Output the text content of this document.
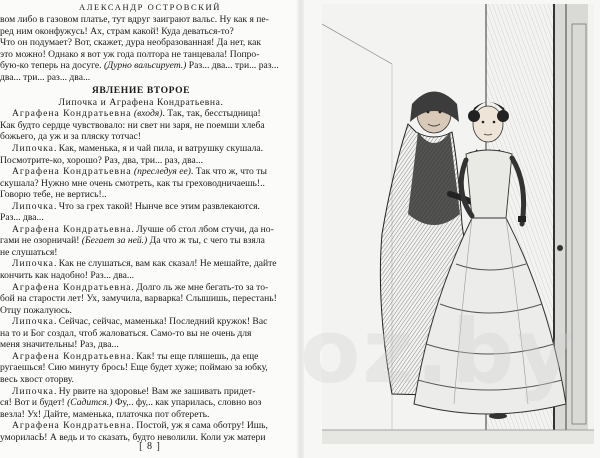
АЛЕКСАНДР ОСТРОВСКИЙ
вом либо в газовом платье, тут вдруг заиграют вальс. Ну как я пе-
ред ним оконфужусь! Ах, страм какой! Куда деваться-то?
Что он подумает? Вот, скажет, дура необразованная! Да нет, как
это можно! Однако я вот уж года полтора не танцевала! Попро-
бую-ко теперь на досуге. (Дурно вальсирует.) Раз... два... три... раз...
два... три... раз... два...
ЯВЛЕНИЕ ВТОРОЕ
Липочка и Аграфена Кондратьевна.
Аграфена Кондратьевна (входя). Так, так, бесстыдница!
Как будто сердце чувствовало: ни свет ни заря, не поемши хлеба
божьего, да уж и за пляску тотчас!
Липочка. Как, маменька, я и чай пила, и ватрушку скушала.
Посмотрите-ко, хорошо? Раз, два, три... раз, два...
Аграфена Кондратьевна (преследуя ее). Так что ж, что ты
скушала? Нужно мне очень смотреть, как ты греховодничаешь!..
Говорю тебе, не вертись!..
Липочка. Что за грех такой! Нынче все этим развлекаются.
Раз... два...
Аграфена Кондратьевна. Лучше об стол лбом стучи, да но-
гами не озорничай! (Бегает за ней.) Да что ж ты, с чего ты взяла
не слушаться!
Липочка. Как не слушаться, вам как сказал! Не мешайте, дайте
кончить как надобно! Раз... два...
Аграфена Кондратьевна. Долго ль же мне бегать-то за то-
бой на старости лет! Ух, замучила, варварка! Слышишь, перестань!
Отцу пожалуюсь.
Липочка. Сейчас, сейчас, маменька! Последний кружок! Вас
на то и Бог создал, чтоб жаловаться. Само-то вы не очень для
меня значительны! Раз, два...
Аграфена Кондратьевна. Как! ты еще пляшешь, да еще
ругаешься! Сию минуту брось! Еще будет хуже; поймаю за юбку,
весь хвост оторву.
Липочка. Ну рвите на здоровье! Вам же зашивать придет-
ся! Вот и будет! (Садится.) Фу,.. фу,.. как упарилась, словно воз
везла! Ух! Дайте, маменька, платочка пот обтереть.
Аграфена Кондратьевна. Постой, уж я сама оботру! Ишь,
умориласЬ! А ведь и то сказать, будто неволили. Коли уж матери
[ 8 ]
oz.by
